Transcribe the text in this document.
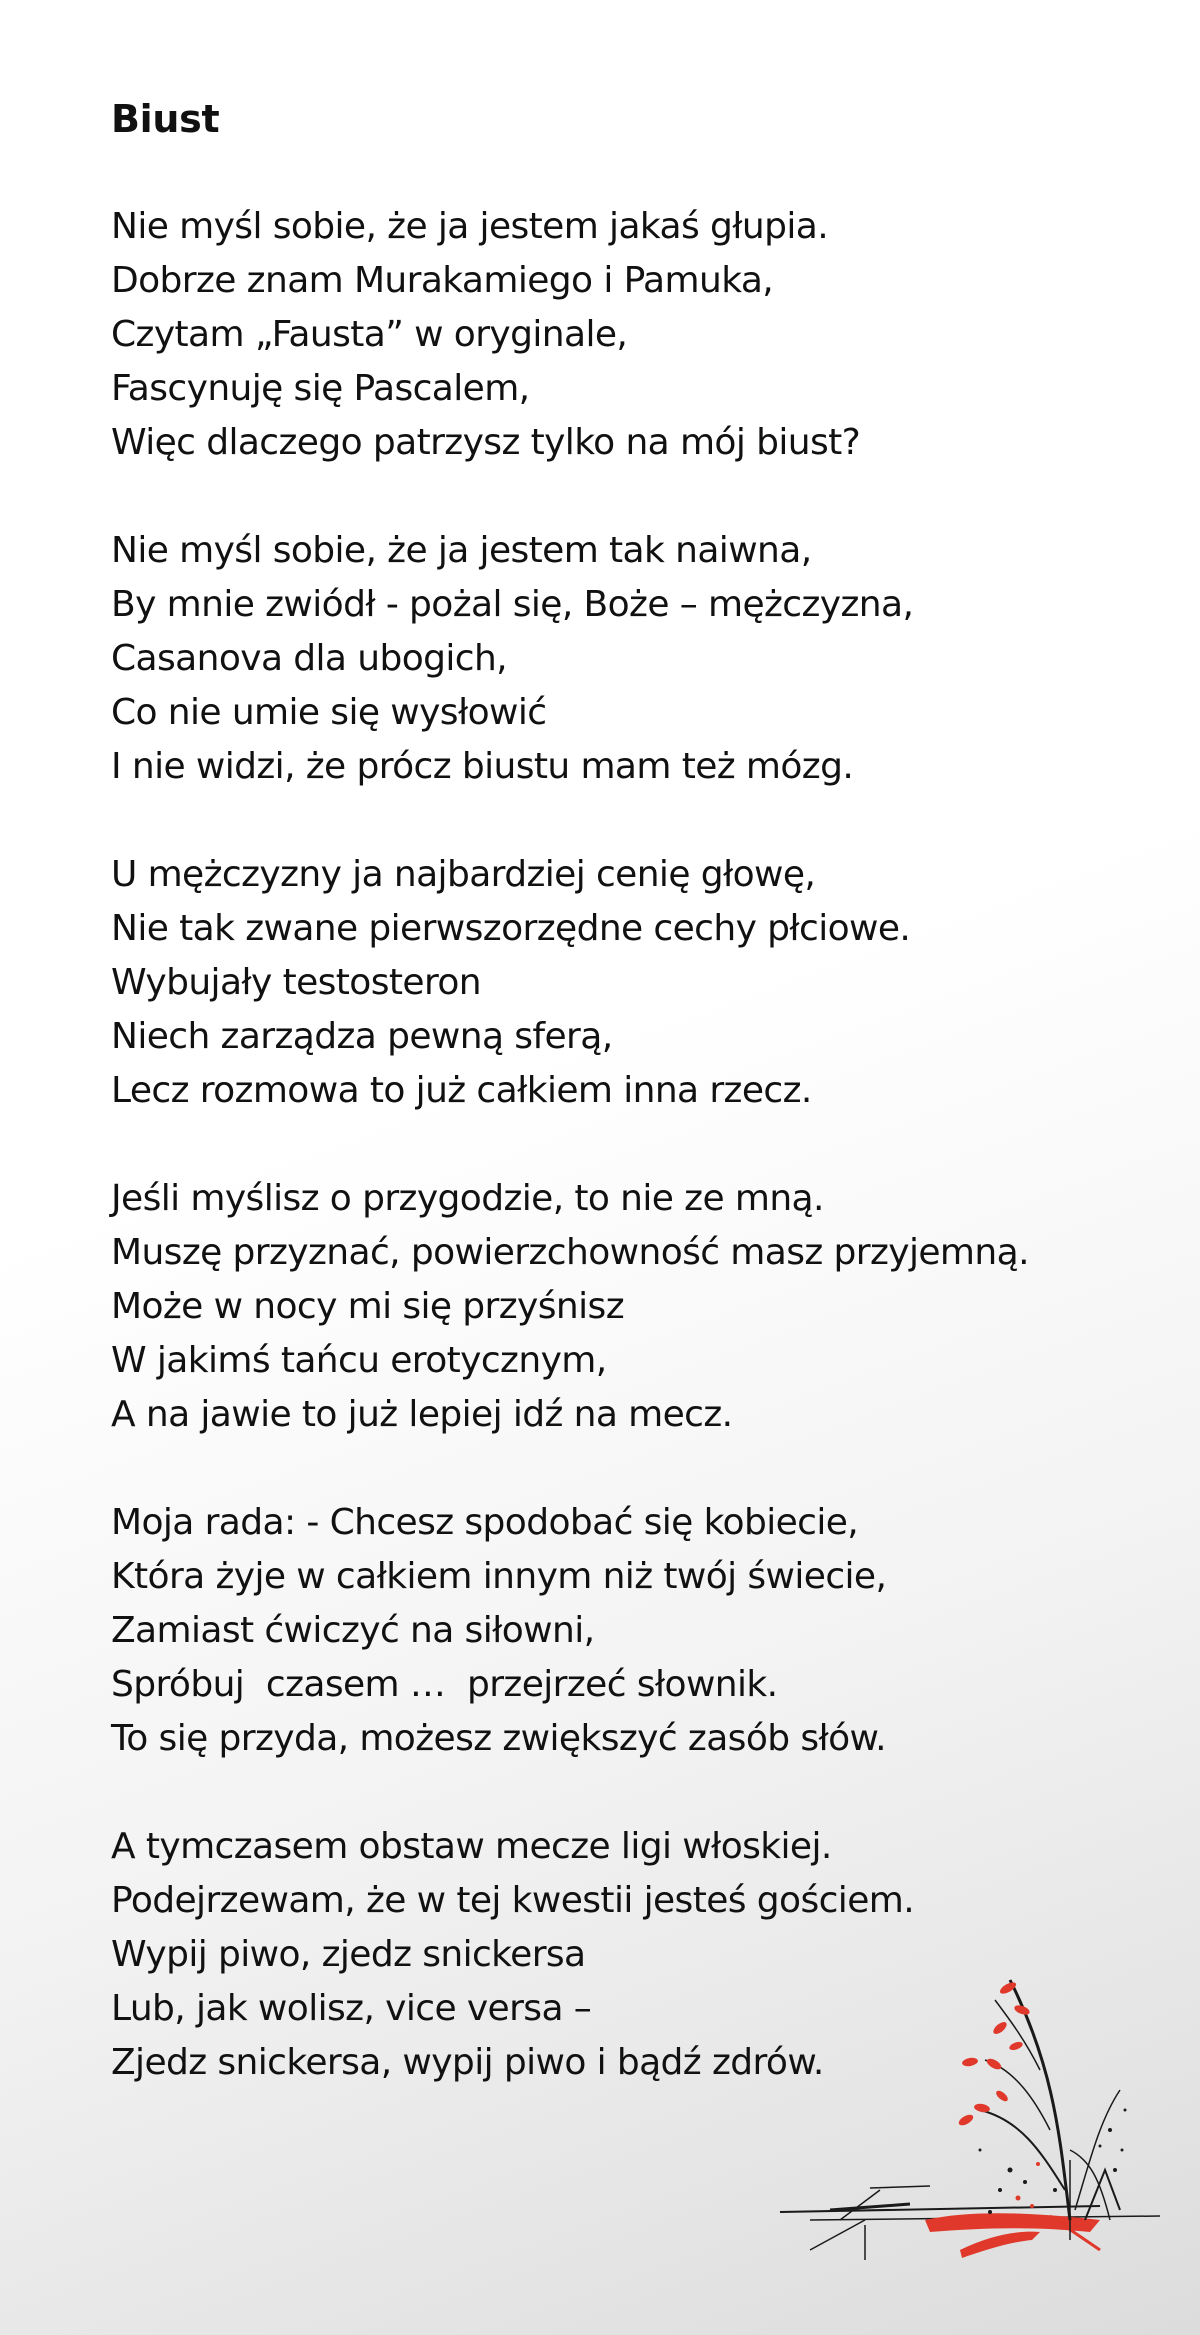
Biust
Nie myśl sobie, że ja jestem jakaś głupia.
Dobrze znam Murakamiego i Pamuka,
Czytam „Fausta” w oryginale,
Fascynuję się Pascalem,
Więc dlaczego patrzysz tylko na mój biust?
Nie myśl sobie, że ja jestem tak naiwna,
By mnie zwiódł - pożal się, Boże – mężczyzna,
Casanova dla ubogich,
Co nie umie się wysłowić
I nie widzi, że prócz biustu mam też mózg.
U mężczyzny ja najbardziej cenię głowę,
Nie tak zwane pierwszorzędne cechy płciowe.
Wybujały testosteron
Niech zarządza pewną sferą,
Lecz rozmowa to już całkiem inna rzecz.
Jeśli myślisz o przygodzie, to nie ze mną.
Muszę przyznać, powierzchowność masz przyjemną.
Może w nocy mi się przyśnisz
W jakimś tańcu erotycznym,
A na jawie to już lepiej idź na mecz.
Moja rada: - Chcesz spodobać się kobiecie,
Która żyje w całkiem innym niż twój świecie,
Zamiast ćwiczyć na siłowni,
Spróbuj  czasem …  przejrzeć słownik.
To się przyda, możesz zwiększyć zasób słów.
A tymczasem obstaw mecze ligi włoskiej.
Podejrzewam, że w tej kwestii jesteś gościem.
Wypij piwo, zjedz snickersa
Lub, jak wolisz, vice versa –
Zjedz snickersa, wypij piwo i bądź zdrów.
